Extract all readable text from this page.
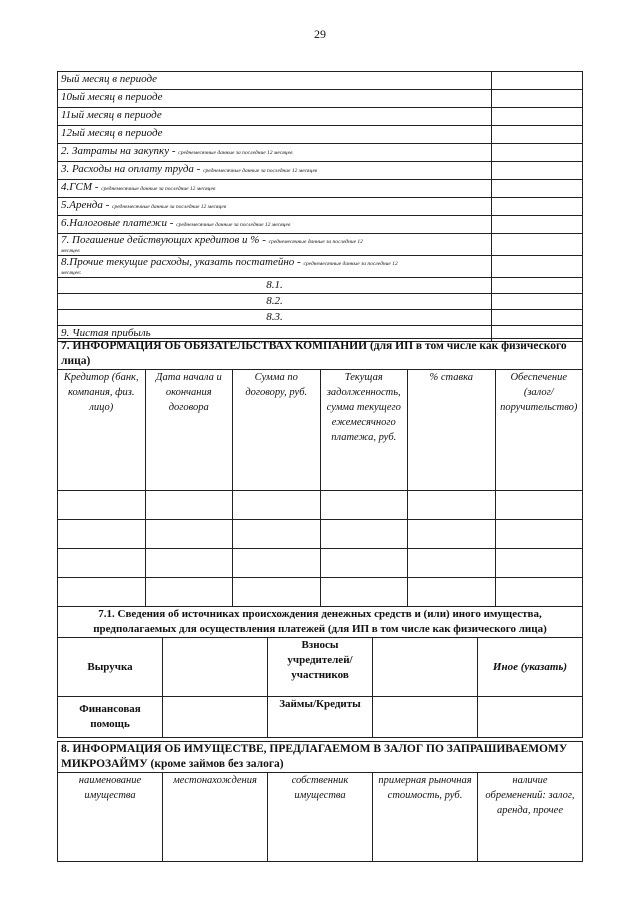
29
9ый месяц в периоде	
10ый месяц в периоде	
11ый месяц в периоде	
12ый месяц в периоде	
2. Затраты на закупку - среднемесячные данные за последние 12 месяцев	
3. Расходы на оплату труда - среднемесячные данные за последние 12 месяцев	
4.ГСМ - среднемесячные данные за последние 12 месяцев	
5.Аренда - среднемесячные данные за последние 12 месяцев	
6.Налоговые платежи - среднемесячные данные за последние 12 месяцев	

7. Погашение действующих кредитов и % - среднемесячные данные за последние 12
месяцев	

8.Прочие текущие расходы, указать постатейно - среднемесячные данные за последние 12
месяцев:	

8.1.	
8.2.	
8.3.	
9. Чистая прибыль	
7. ИНФОРМАЦИЯ ОБ ОБЯЗАТЕЛЬСТВАХ КОМПАНИИ (для ИП в том числе как физического лица)					
Кредитор (банк, компания, физ. лицо)	Дата начала и окончания договора	Сумма по договору, руб.	Текущая задолженность, сумма текущего ежемесячного платежа, руб.	% ставка	Обеспечение (залог/поручительство)

7.1. Сведения об источниках происхождения денежных средств и (или) иного имущества, предполагаемых для осуществления платежей (для ИП в том числе как физического лица)				
Выручка		Взносы учредителей/участников		Иное (указать)
Финансовая помощь		Займы/Кредиты		
8. ИНФОРМАЦИЯ ОБ ИМУЩЕСТВЕ, ПРЕДЛАГАЕМОМ В ЗАЛОГ ПО ЗАПРАШИВАЕМОМУ МИКРОЗАЙМУ (кроме займов без залога)
наименование имущества	местонахождения	собственник имущества	примерная рыночная стоимость, руб.	наличие обременений: залог, аренда, прочее
